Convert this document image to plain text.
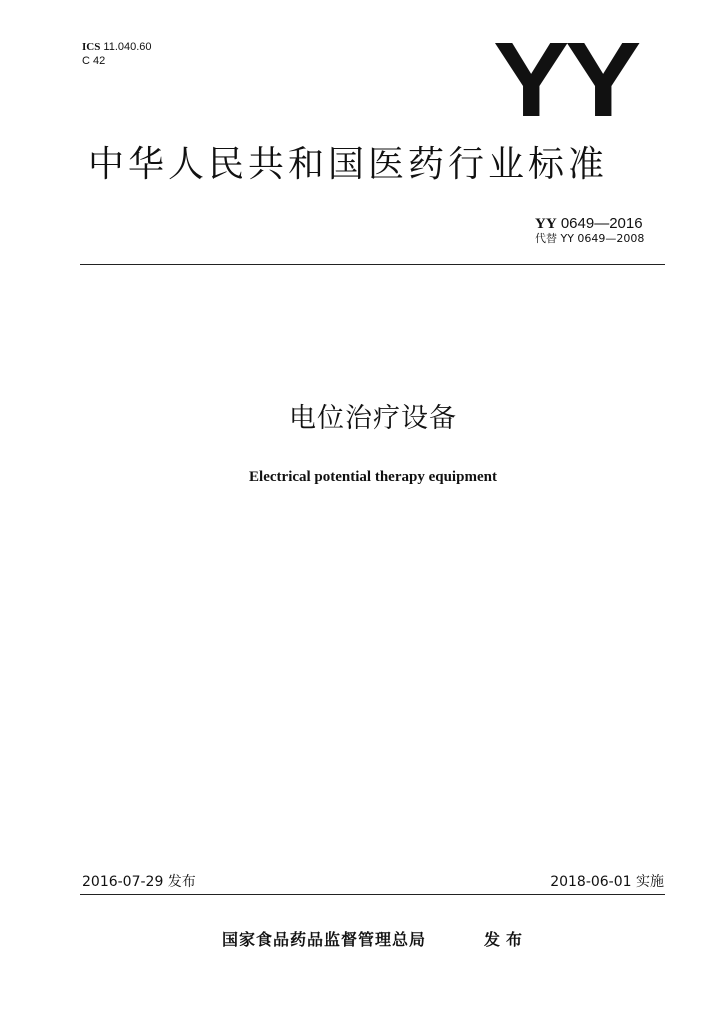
ICS 11.040.60
C 42	YY
中华人民共和国医药行业标准
YY 0649—2016
代替 YY 0649—2008
电位治疗设备
Electrical potential therapy equipment
2016-07-29 发布	2018-06-01 实施
国家食品药品监督管理总局	发布
